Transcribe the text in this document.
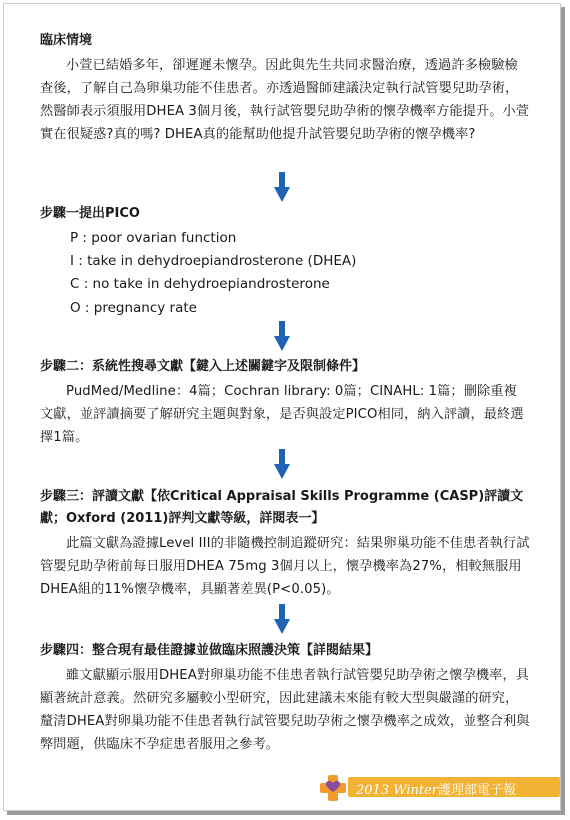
臨床情境
小萱已結婚多年，卻遲遲未懷孕。因此與先生共同求醫治療，透過許多檢驗檢查後，了解自己為卵巢功能不佳患者。亦透過醫師建議決定執行試管嬰兒助孕術，然醫師表示須服用DHEA 3個月後，執行試管嬰兒助孕術的懷孕機率方能提升。小萱實在很疑惑?真的嗎? DHEA真的能幫助他提升試管嬰兒助孕術的懷孕機率?
步驟一提出PICO
P : poor ovarian function
I : take in dehydroepiandrosterone (DHEA)
C : no take in dehydroepiandrosterone
O : pregnancy rate
步驟二：系統性搜尋文獻【鍵入上述關鍵字及限制條件】
PudMed/Medline：4篇；Cochran library: 0篇；CINAHL: 1篇；刪除重複文獻，並評讀摘要了解研究主題與對象，是否與設定PICO相同，納入評讀，最終選擇1篇。
步驟三：評讀文獻【依Critical Appraisal Skills Programme (CASP)評讀文獻；Oxford (2011)評判文獻等級，詳閱表一】
此篇文獻為證據Level III的非隨機控制追蹤研究：結果卵巢功能不佳患者執行試管嬰兒助孕術前每日服用DHEA 75mg 3個月以上，懷孕機率為27%，相較無服用DHEA組的11%懷孕機率，具顯著差異(P<0.05)。
步驟四：整合現有最佳證據並做臨床照護決策【詳閱結果】
雖文獻顯示服用DHEA對卵巢功能不佳患者執行試管嬰兒助孕術之懷孕機率，具顯著統計意義。然研究多屬較小型研究，因此建議未來能有較大型與嚴謹的研究，釐清DHEA對卵巢功能不佳患者執行試管嬰兒助孕術之懷孕機率之成效，並整合利與弊問題，供臨床不孕症患者服用之參考。
2013 Winter護理部電子報
